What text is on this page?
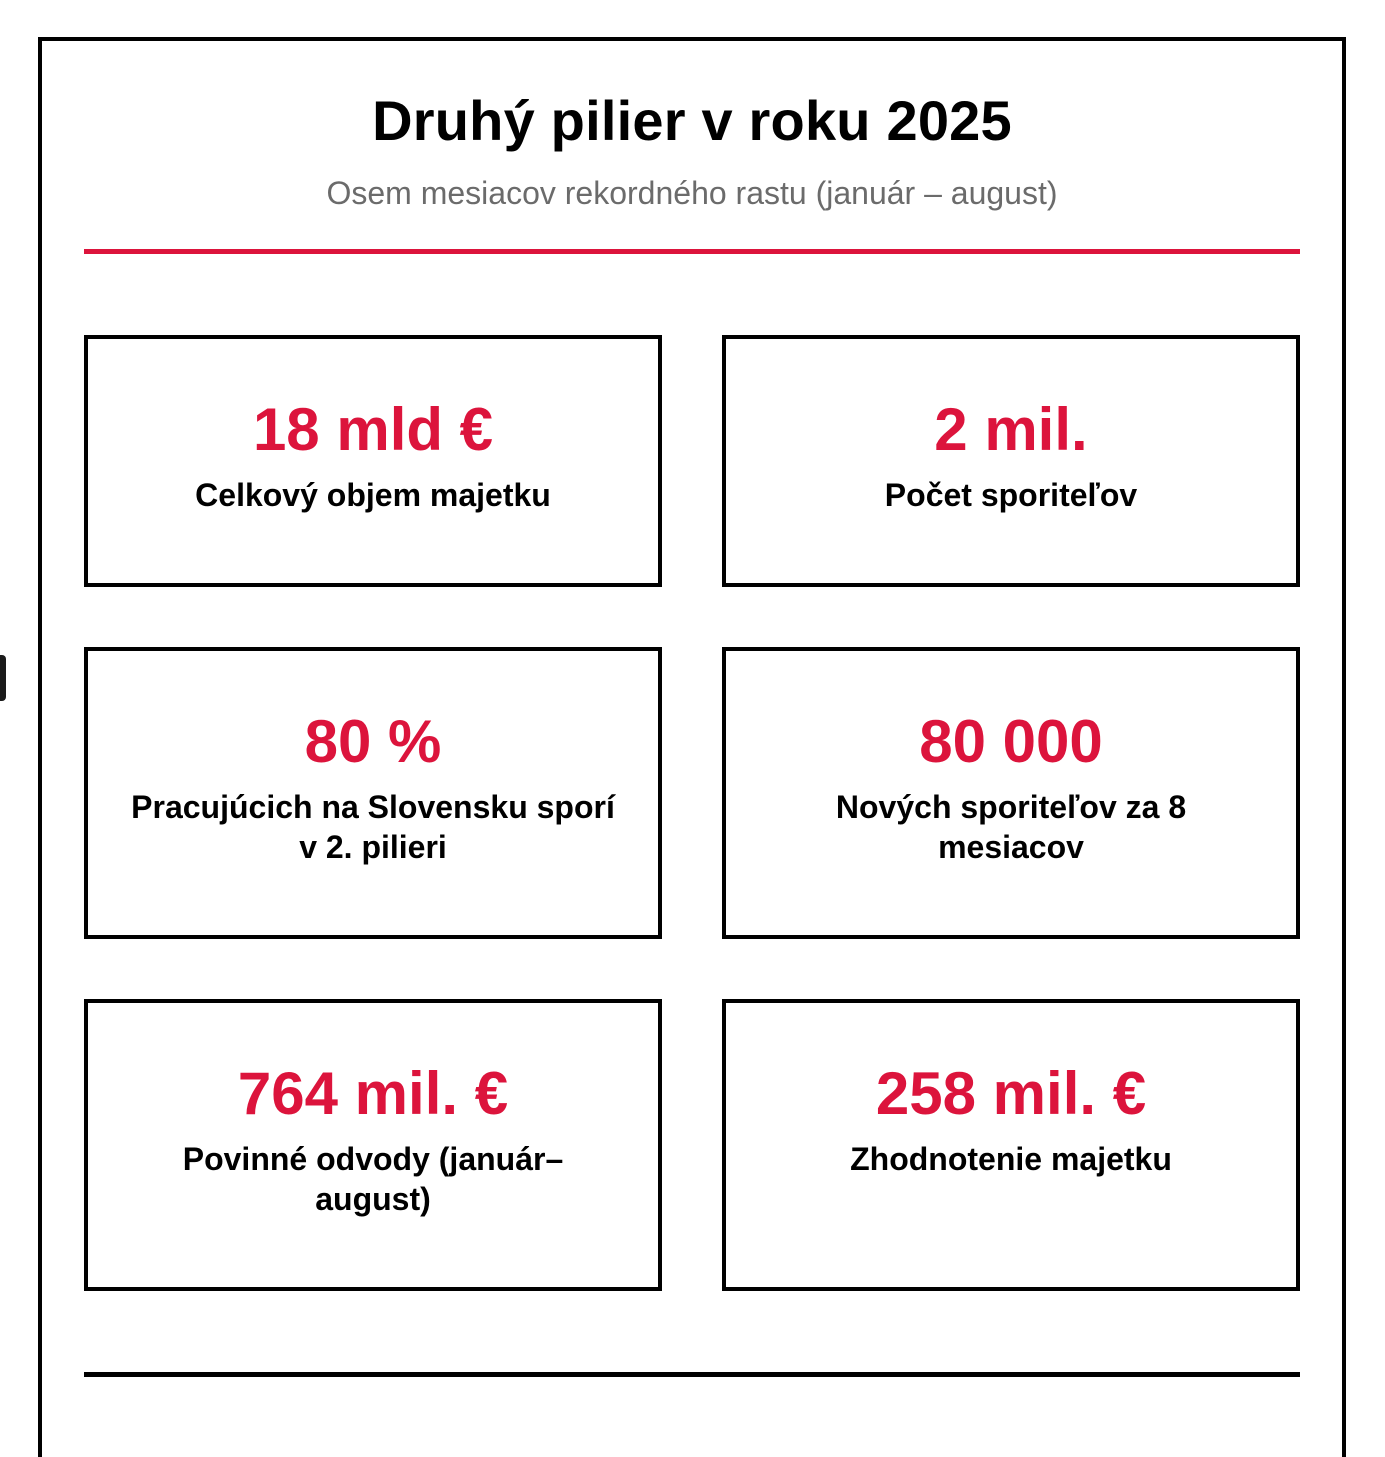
Druhý pilier v roku 2025
Osem mesiacov rekordného rastu (január – august)
18 mld €
Celkový objem majetku
2 mil.
Počet sporiteľov
80 %
Pracujúcich na Slovensku sporí v 2. pilieri
80 000
Nových sporiteľov za 8 mesiacov
764 mil. €
Povinné odvody (január–august)
258 mil. €
Zhodnotenie majetku
